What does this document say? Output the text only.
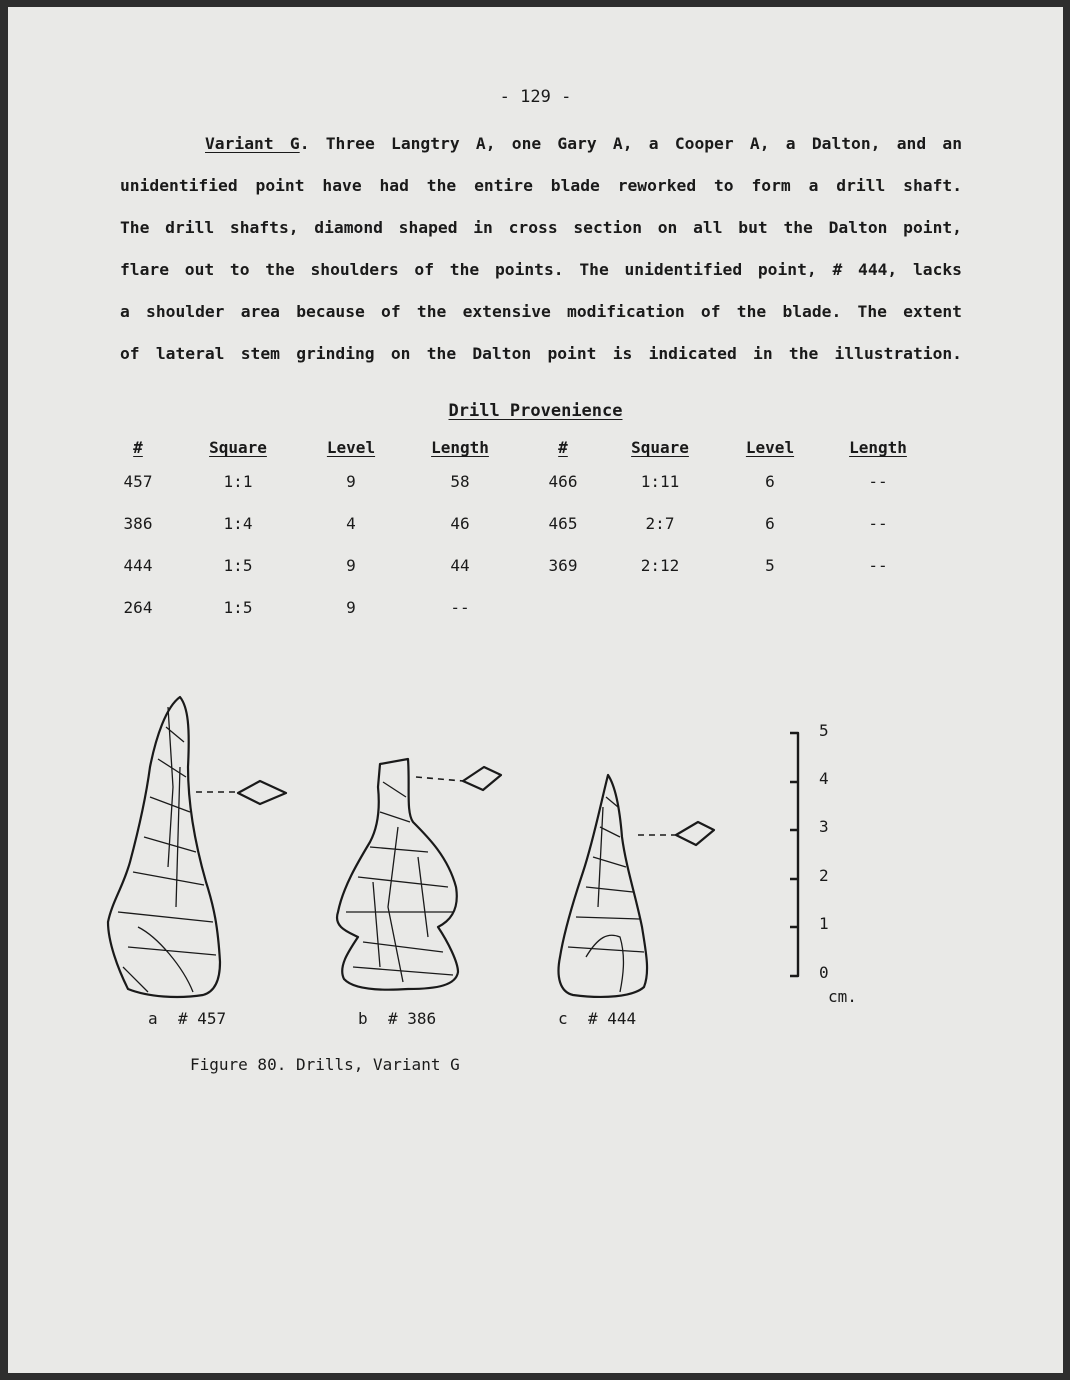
- 129 -
Variant G. Three Langtry A, one Gary A, a Cooper A, a Dalton, and an
unidentified point have had the entire blade reworked to form a drill shaft.
The drill shafts, diamond shaped in cross section on all but the Dalton point,
flare out to the shoulders of the points. The unidentified point, # 444, lacks
a shoulder area because of the extensive modification of the blade. The extent
of lateral stem grinding on the Dalton point is indicated in the illustration.
Drill Provenience
#	Square	Level	Length	#	Square	Level	Length
457	1:1	9	58	466	1:11	6	--
386	1:4	4	46	465	2:7	6	--
444	1:5	9	44	369	2:12	5	--
264	1:5	9	--
a # 457	b # 386	c # 444
5
4
3
2
1
0
cm.
Figure 80. Drills, Variant G
